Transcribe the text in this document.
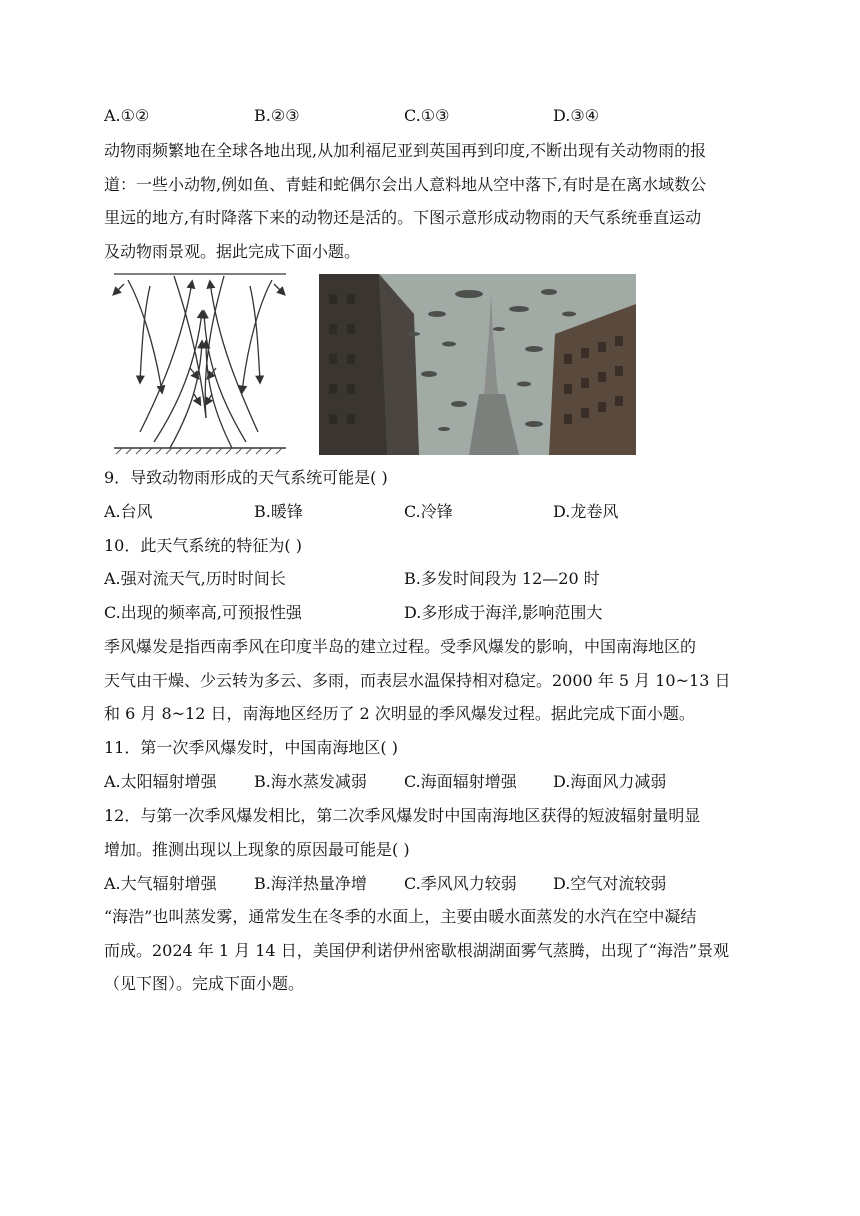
A.①②	B.②③	C.①③	D.③④
动物雨频繁地在全球各地出现,从加利福尼亚到英国再到印度,不断出现有关动物雨的报
道：一些小动物,例如鱼、青蛙和蛇偶尔会出人意料地从空中落下,有时是在离水域数公
里远的地方,有时降落下来的动物还是活的。下图示意形成动物雨的天气系统垂直运动
及动物雨景观。据此完成下面小题。
9．导致动物雨形成的天气系统可能是( )
A.台风	B.暖锋	C.冷锋	D.龙卷风
10．此天气系统的特征为( )
A.强对流天气,历时时间长	B.多发时间段为 12—20 时
C.出现的频率高,可预报性强	D.多形成于海洋,影响范围大
季风爆发是指西南季风在印度半岛的建立过程。受季风爆发的影响，中国南海地区的
天气由干燥、少云转为多云、多雨，而表层水温保持相对稳定。2000 年 5 月 10~13 日
和 6 月 8~12 日，南海地区经历了 2 次明显的季风爆发过程。据此完成下面小题。
11．第一次季风爆发时，中国南海地区( )
A.太阳辐射增强 B.海水蒸发减弱 C.海面辐射增强 D.海面风力减弱
12．与第一次季风爆发相比，第二次季风爆发时中国南海地区获得的短波辐射量明显
增加。推测出现以上现象的原因最可能是( )
A.大气辐射增强 B.海洋热量净增 C.季风风力较弱 D.空气对流较弱
“海浩”也叫蒸发雾，通常发生在冬季的水面上，主要由暖水面蒸发的水汽在空中凝结
而成。2024 年 1 月 14 日，美国伊利诺伊州密歇根湖湖面雾气蒸腾，出现了“海浩”景观
（见下图）。完成下面小题。
